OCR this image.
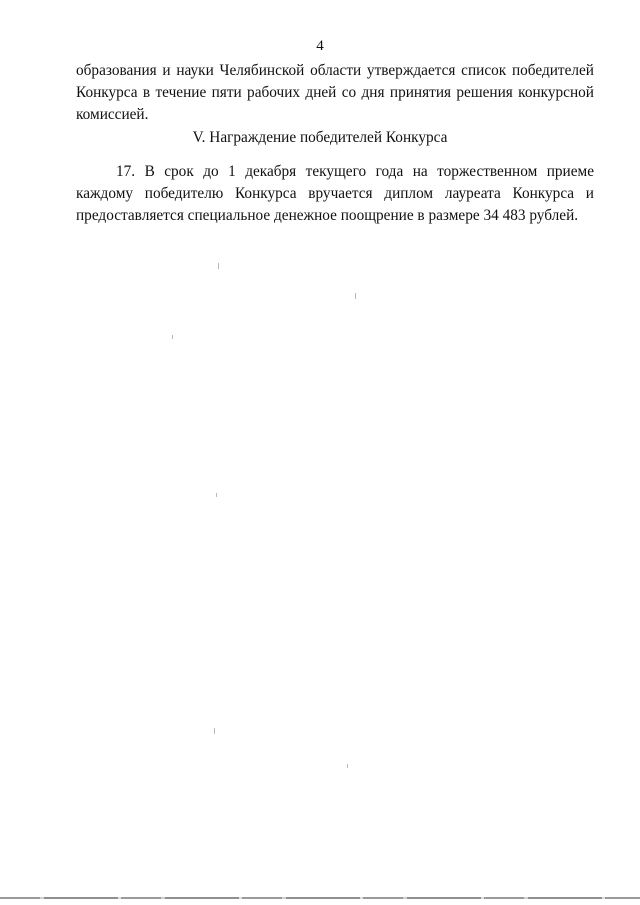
4

образования и науки Челябинской области утверждается список победителей Конкурса в течение пяти рабочих дней со дня принятия решения конкурсной комиссией.

V. Награждение победителей Конкурса

17. В срок до 1 декабря текущего года на торжественном приеме каждому победителю Конкурса вручается диплом лауреата Конкурса и предоставляется специальное денежное поощрение в размере 34 483 рублей.
